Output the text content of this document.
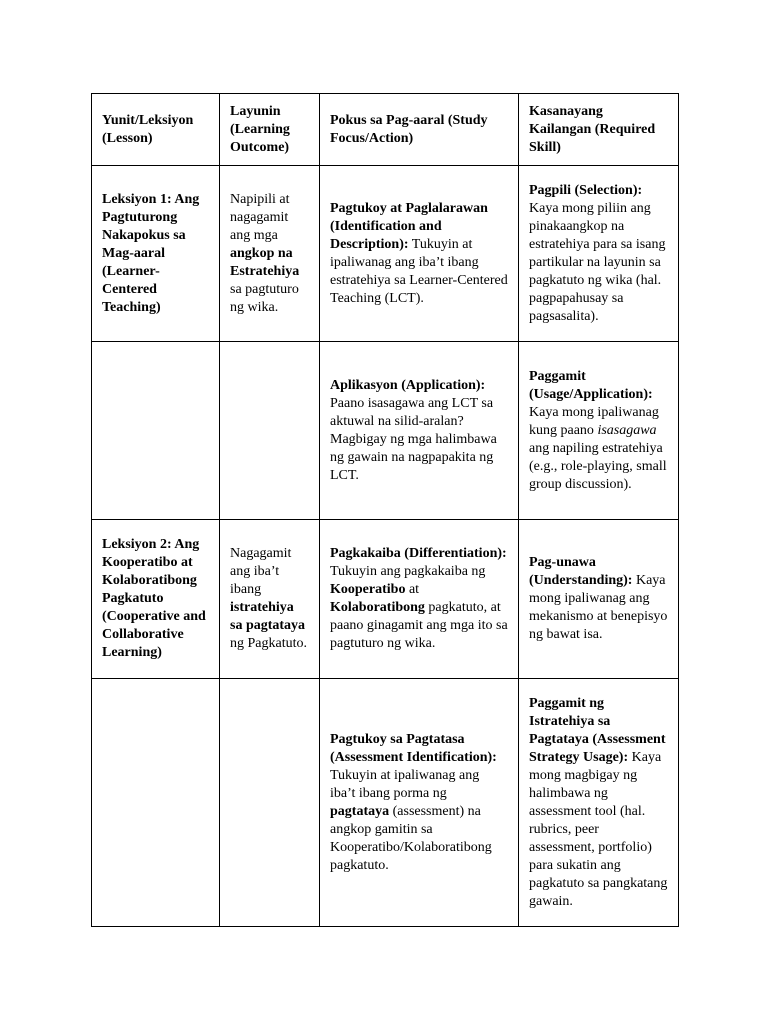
Yunit/Leksiyon (Lesson)	Layunin (Learning Outcome)	Pokus sa Pag-aaral (Study Focus/Action)	Kasanayang Kailangan (Required Skill)
Leksiyon 1: Ang Pagtuturong Nakapokus sa Mag-aaral (Learner-Centered Teaching)	Napipili at nagagamit ang mga angkop na Estratehiya sa pagtuturo ng wika.	Pagtukoy at Paglalarawan (Identification and Description): Tukuyin at ipaliwanag ang iba’t ibang estratehiya sa Learner-Centered Teaching (LCT).	Pagpili (Selection): Kaya mong piliin ang pinakaangkop na estratehiya para sa isang partikular na layunin sa pagkatuto ng wika (hal. pagpapahusay sa pagsasalita).
		Aplikasyon (Application): Paano isasagawa ang LCT sa aktuwal na silid-aralan? Magbigay ng mga halimbawa ng gawain na nagpapakita ng LCT.	Paggamit (Usage/Application): Kaya mong ipaliwanag kung paano isasagawa ang napiling estratehiya (e.g., role-playing, small group discussion).
Leksiyon 2: Ang Kooperatibo at Kolaboratibong Pagkatuto (Cooperative and Collaborative Learning)	Nagagamit ang iba’t ibang istratehiya sa pagtataya ng Pagkatuto.	Pagkakaiba (Differentiation): Tukuyin ang pagkakaiba ng Kooperatibo at Kolaboratibong pagkatuto, at paano ginagamit ang mga ito sa pagtuturo ng wika.	Pag-unawa (Understanding): Kaya mong ipaliwanag ang mekanismo at benepisyo ng bawat isa.
		Pagtukoy sa Pagtatasa (Assessment Identification): Tukuyin at ipaliwanag ang iba’t ibang porma ng pagtataya (assessment) na angkop gamitin sa Kooperatibo/Kolaboratibong pagkatuto.	Paggamit ng Istratehiya sa Pagtataya (Assessment Strategy Usage): Kaya mong magbigay ng halimbawa ng assessment tool (hal. rubrics, peer assessment, portfolio) para sukatin ang pagkatuto sa pangkatang gawain.
